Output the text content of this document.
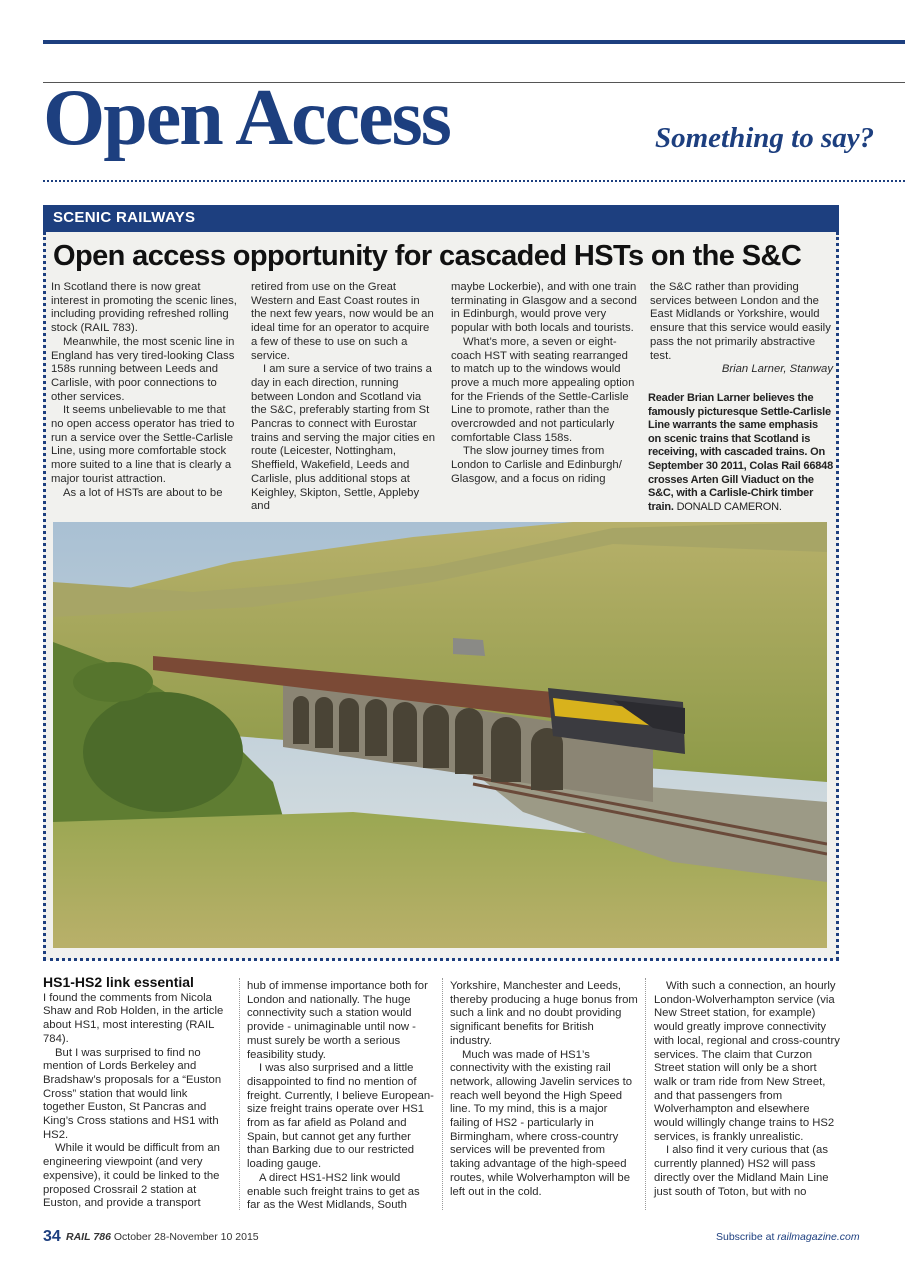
Open Access	Something to say?
SCENIC RAILWAYS
Open access opportunity for cascaded HSTs on the S&C

In Scotland there is now great interest in promoting the scenic lines, including providing refreshed rolling stock (RAIL 783).

Meanwhile, the most scenic line in England has very tired-looking Class 158s running between Leeds and Carlisle, with poor connections to other services.

It seems unbelievable to me that no open access operator has tried to run a service over the Settle-Carlisle Line, using more comfortable stock more suited to a line that is clearly a major tourist attraction.

As a lot of HSTs are about to be

retired from use on the Great Western and East Coast routes in the next few years, now would be an ideal time for an operator to acquire a few of these to use on such a service.

I am sure a service of two trains a day in each direction, running between London and Scotland via the S&C, preferably starting from St Pancras to connect with Eurostar trains and serving the major cities en route (Leicester, Nottingham, Sheffield, Wakefield, Leeds and Carlisle, plus additional stops at Keighley, Skipton, Settle, Appleby and

maybe Lockerbie), and with one train terminating in Glasgow and a second in Edinburgh, would prove very popular with both locals and tourists.

What’s more, a seven or eight-coach HST with seating rearranged to match up to the windows would prove a much more appealing option for the Friends of the Settle-Carlisle Line to promote, rather than the overcrowded and not particularly comfortable Class 158s.

The slow journey times from London to Carlisle and Edinburgh/ Glasgow, and a focus on riding

the S&C rather than providing services between London and the East Midlands or Yorkshire, would ensure that this service would easily pass the not primarily abstractive test.

Brian Larner, Stanway

Reader Brian Larner believes the famously picturesque Settle-Carlisle Line warrants the same emphasis on scenic trains that Scotland is receiving, with cascaded trains. On September 30 2011, Colas Rail 66848 crosses Arten Gill Viaduct on the S&C, with a Carlisle-Chirk timber train. DONALD CAMERON.
HS1-HS2 link essential

I found the comments from Nicola Shaw and Rob Holden, in the article about HS1, most interesting (RAIL 784).

But I was surprised to find no mention of Lords Berkeley and Bradshaw’s proposals for a “Euston Cross” station that would link together Euston, St Pancras and King’s Cross stations and HS1 with HS2.

While it would be difficult from an engineering viewpoint (and very expensive), it could be linked to the proposed Crossrail 2 station at Euston, and provide a transport

hub of immense importance both for London and nationally. The huge connectivity such a station would provide - unimaginable until now - must surely be worth a serious feasibility study.

I was also surprised and a little disappointed to find no mention of freight. Currently, I believe European-size freight trains operate over HS1 from as far afield as Poland and Spain, but cannot get any further than Barking due to our restricted loading gauge.

A direct HS1-HS2 link would enable such freight trains to get as far as the West Midlands, South

Yorkshire, Manchester and Leeds, thereby producing a huge bonus from such a link and no doubt providing significant benefits for British industry.

Much was made of HS1’s connectivity with the existing rail network, allowing Javelin services to reach well beyond the High Speed line. To my mind, this is a major failing of HS2 - particularly in Birmingham, where cross-country services will be prevented from taking advantage of the high-speed routes, while Wolverhampton will be left out in the cold.

With such a connection, an hourly London-Wolverhampton service (via New Street station, for example) would greatly improve connectivity with local, regional and cross-country services. The claim that Curzon Street station will only be a short walk or tram ride from New Street, and that passengers from Wolverhampton and elsewhere would willingly change trains to HS2 services, is frankly unrealistic.

I also find it very curious that (as currently planned) HS2 will pass directly over the Midland Main Line just south of Toton, but with no

34 RAIL 786 October 28-November 10 2015	Subscribe at railmagazine.com
